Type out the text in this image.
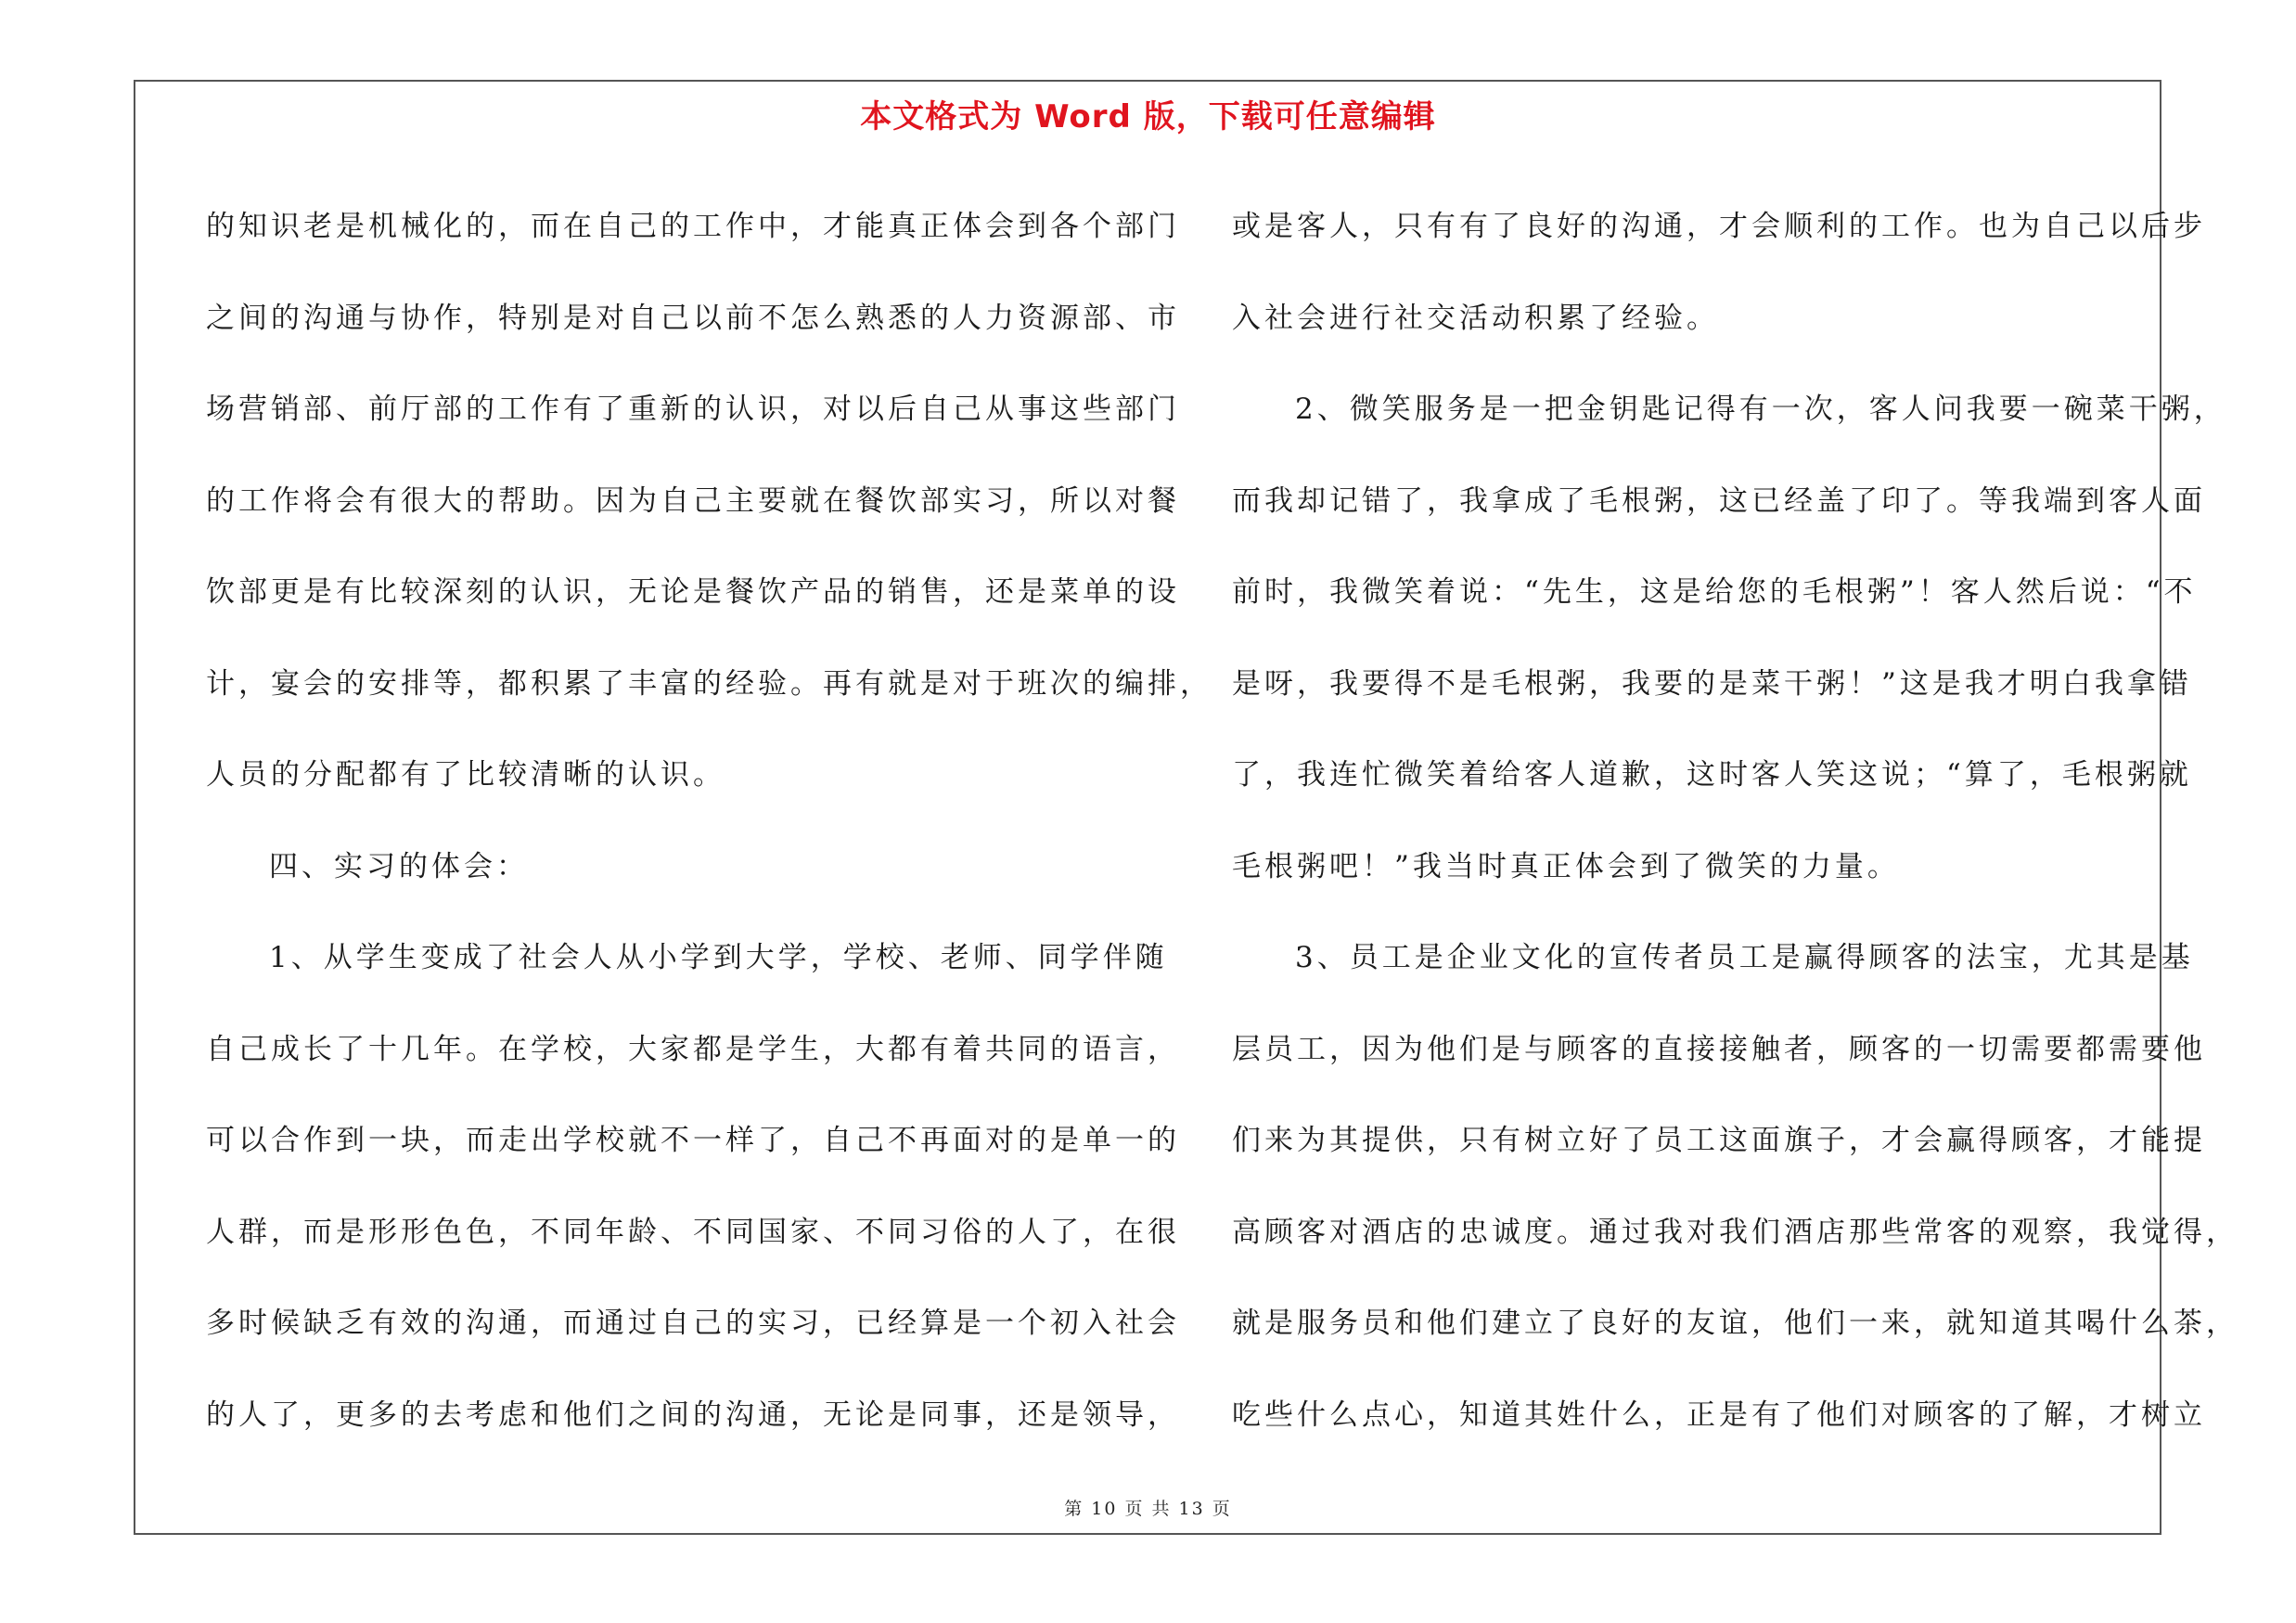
本文格式为 Word 版，下载可任意编辑
的知识老是机械化的，而在自己的工作中，才能真正体会到各个部门
之间的沟通与协作，特别是对自己以前不怎么熟悉的人力资源部、市
场营销部、前厅部的工作有了重新的认识，对以后自己从事这些部门
的工作将会有很大的帮助。因为自己主要就在餐饮部实习，所以对餐
饮部更是有比较深刻的认识，无论是餐饮产品的销售，还是菜单的设
计，宴会的安排等，都积累了丰富的经验。再有就是对于班次的编排，
人员的分配都有了比较清晰的认识。
四、实习的体会：
1、从学生变成了社会人从小学到大学，学校、老师、同学伴随
自己成长了十几年。在学校，大家都是学生，大都有着共同的语言，
可以合作到一块，而走出学校就不一样了，自己不再面对的是单一的
人群，而是形形色色，不同年龄、不同国家、不同习俗的人了，在很
多时候缺乏有效的沟通，而通过自己的实习，已经算是一个初入社会
的人了，更多的去考虑和他们之间的沟通，无论是同事，还是领导，
或是客人，只有有了良好的沟通，才会顺利的工作。也为自己以后步
入社会进行社交活动积累了经验。
2、微笑服务是一把金钥匙记得有一次，客人问我要一碗菜干粥，
而我却记错了，我拿成了毛根粥，这已经盖了印了。等我端到客人面
前时，我微笑着说：“先生，这是给您的毛根粥”！客人然后说：“不
是呀，我要得不是毛根粥，我要的是菜干粥！”这是我才明白我拿错
了，我连忙微笑着给客人道歉，这时客人笑这说；“算了，毛根粥就
毛根粥吧！”我当时真正体会到了微笑的力量。
3、员工是企业文化的宣传者员工是赢得顾客的法宝，尤其是基
层员工，因为他们是与顾客的直接接触者，顾客的一切需要都需要他
们来为其提供，只有树立好了员工这面旗子，才会赢得顾客，才能提
高顾客对酒店的忠诚度。通过我对我们酒店那些常客的观察，我觉得，
就是服务员和他们建立了良好的友谊，他们一来，就知道其喝什么茶，
吃些什么点心，知道其姓什么，正是有了他们对顾客的了解，才树立
第 10 页 共 13 页
